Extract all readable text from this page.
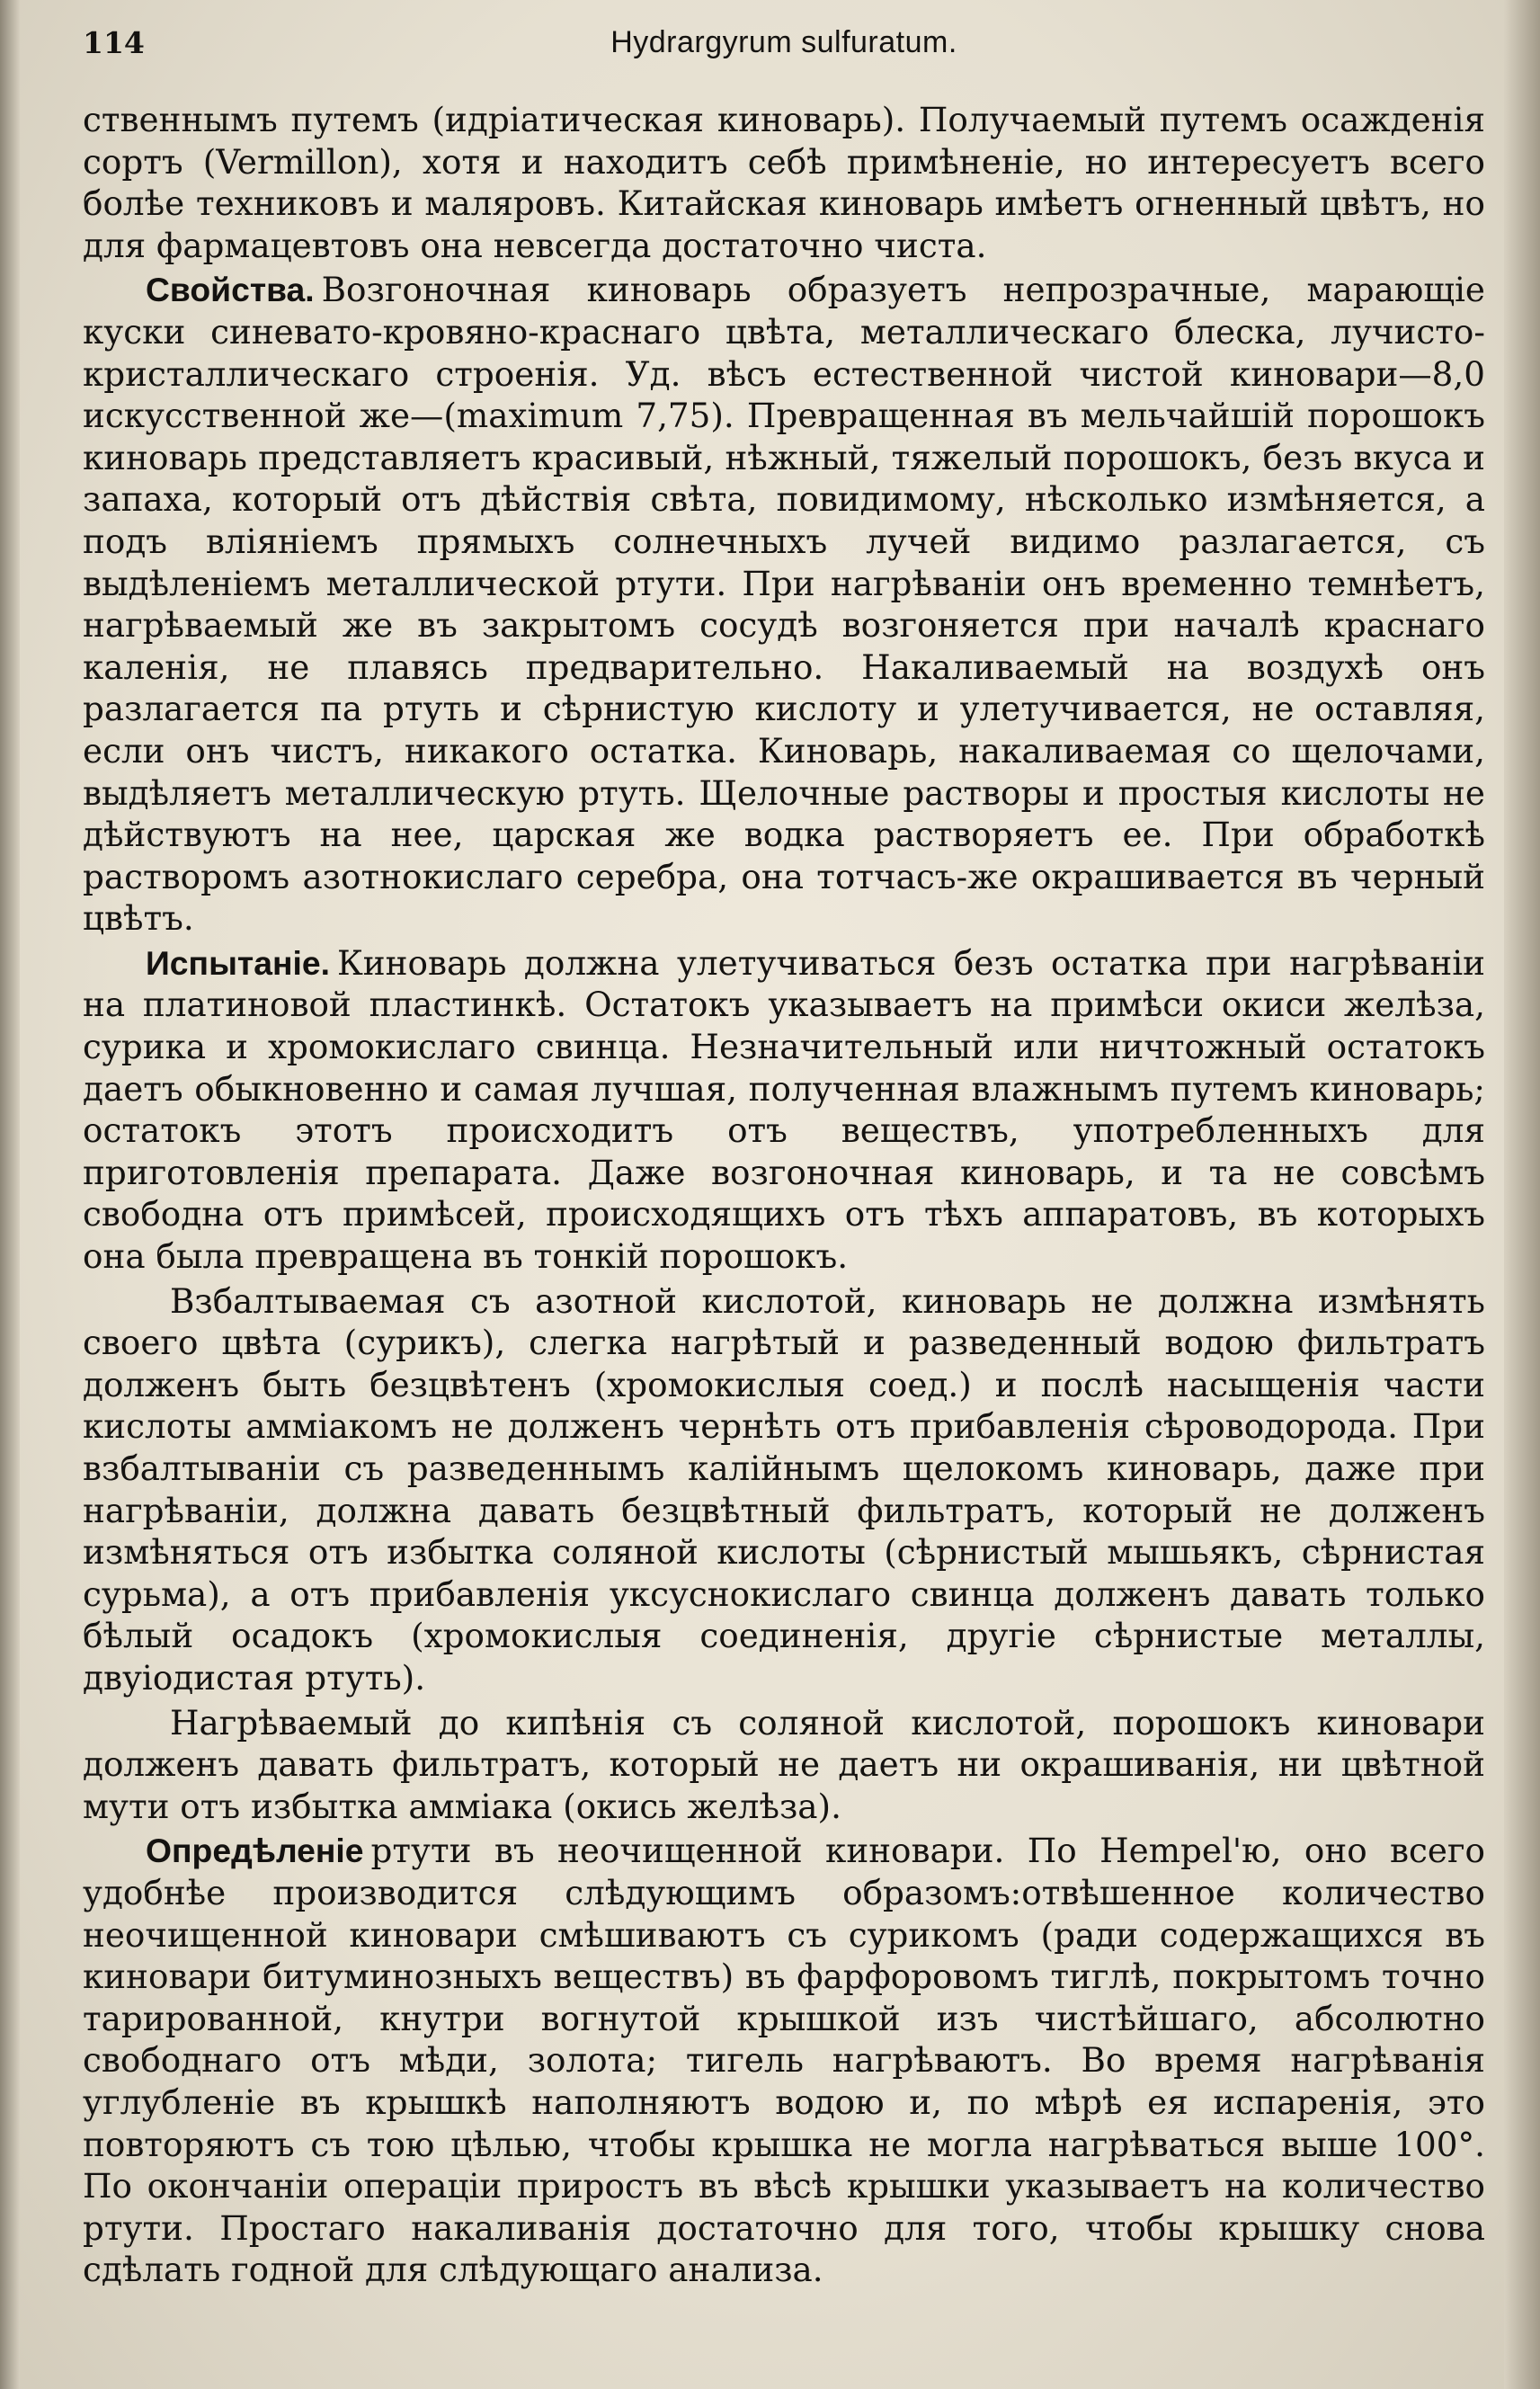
114	Hydrargyrum sulfuratum.

ственнымъ путемъ (идріатическая киноварь). Получаемый путемъ осажденія сортъ (Vermillon), хотя и находитъ себѣ примѣненіе, но интересуетъ всего болѣе техниковъ и маляровъ. Китайская киноварь имѣетъ огненный цвѣтъ, но для фармацевтовъ она невсегда достаточно чиста.

Свойства. Возгоночная киноварь образуетъ непрозрачные, марающіе куски синевато-кровяно-краснаго цвѣта, металлическаго блеска, лучисто-кристаллическаго строенія. Уд. вѣсъ естественной чистой киновари—8,0 искусственной же—(maximum 7,75). Превращенная въ мельчайшій порошокъ киноварь представляетъ красивый, нѣжный, тяжелый порошокъ, безъ вкуса и запаха, который отъ дѣйствія свѣта, повидимому, нѣсколько измѣняется, а подъ вліяніемъ прямыхъ солнечныхъ лучей видимо разлагается, съ выдѣленіемъ металлической ртути. При нагрѣваніи онъ временно темнѣетъ, нагрѣваемый же въ закрытомъ сосудѣ возгоняется при началѣ краснаго каленія, не плавясь предварительно. Накаливаемый на воздухѣ онъ разлагается па ртуть и сѣрнистую кислоту и улетучивается, не оставляя, если онъ чистъ, никакого остатка. Киноварь, накаливаемая со щелочами, выдѣляетъ металлическую ртуть. Щелочные растворы и простыя кислоты не дѣйствуютъ на нее, царская же водка растворяетъ ее. При обработкѣ растворомъ азотнокислаго серебра, она тотчасъ-же окрашивается въ черный цвѣтъ.

Испытаніе. Киноварь должна улетучиваться безъ остатка при нагрѣваніи на платиновой пластинкѣ. Остатокъ указываетъ на примѣси окиси желѣза, сурика и хромокислаго свинца. Незначительный или ничтожный остатокъ даетъ обыкновенно и самая лучшая, полученная влажнымъ путемъ киноварь; остатокъ этотъ происходитъ отъ веществъ, употребленныхъ для приготовленія препарата. Даже возгоночная киноварь, и та не совсѣмъ свободна отъ примѣсей, происходящихъ отъ тѣхъ аппаратовъ, въ которыхъ она была превращена въ тонкій порошокъ.

Взбалтываемая съ азотной кислотой, киноварь не должна измѣнять своего цвѣта (сурикъ), слегка нагрѣтый и разведенный водою фильтратъ долженъ быть безцвѣтенъ (хромокислыя соед.) и послѣ насыщенія части кислоты амміакомъ не долженъ чернѣть отъ прибавленія сѣроводорода. При взбалтываніи съ разведеннымъ калійнымъ щелокомъ киноварь, даже при нагрѣваніи, должна давать безцвѣтный фильтратъ, который не долженъ измѣняться отъ избытка соляной кислоты (сѣрнистый мышьякъ, сѣрнистая сурьма), а отъ прибавленія уксуснокислаго свинца долженъ давать только бѣлый осадокъ (хромокислыя соединенія, другіе сѣрнистые металлы, двуіодистая ртуть).

Нагрѣваемый до кипѣнія съ соляной кислотой, порошокъ киновари долженъ давать фильтратъ, который не даетъ ни окрашиванія, ни цвѣтной мути отъ избытка амміака (окись желѣза).

Опредѣленіе ртути въ неочищенной киновари. По Hempel'ю, оно всего удобнѣе производится слѣдующимъ образомъ:отвѣшенное количество неочищенной киновари смѣшиваютъ съ сурикомъ (ради содержащихся въ киновари битуминозныхъ веществъ) въ фарфоровомъ тиглѣ, покрытомъ точно тарированной, кнутри вогнутой крышкой изъ чистѣйшаго, абсолютно свободнаго отъ мѣди, золота; тигель нагрѣваютъ. Во время нагрѣванія углубленіе въ крышкѣ наполняютъ водою и, по мѣрѣ ея испаренія, это повторяютъ съ тою цѣлью, чтобы крышка не могла нагрѣваться выше 100°. По окончаніи операціи приростъ въ вѣсѣ крышки указываетъ на количество ртути. Простаго накаливанія достаточно для того, чтобы крышку снова сдѣлать годной для слѣдующаго анализа.
